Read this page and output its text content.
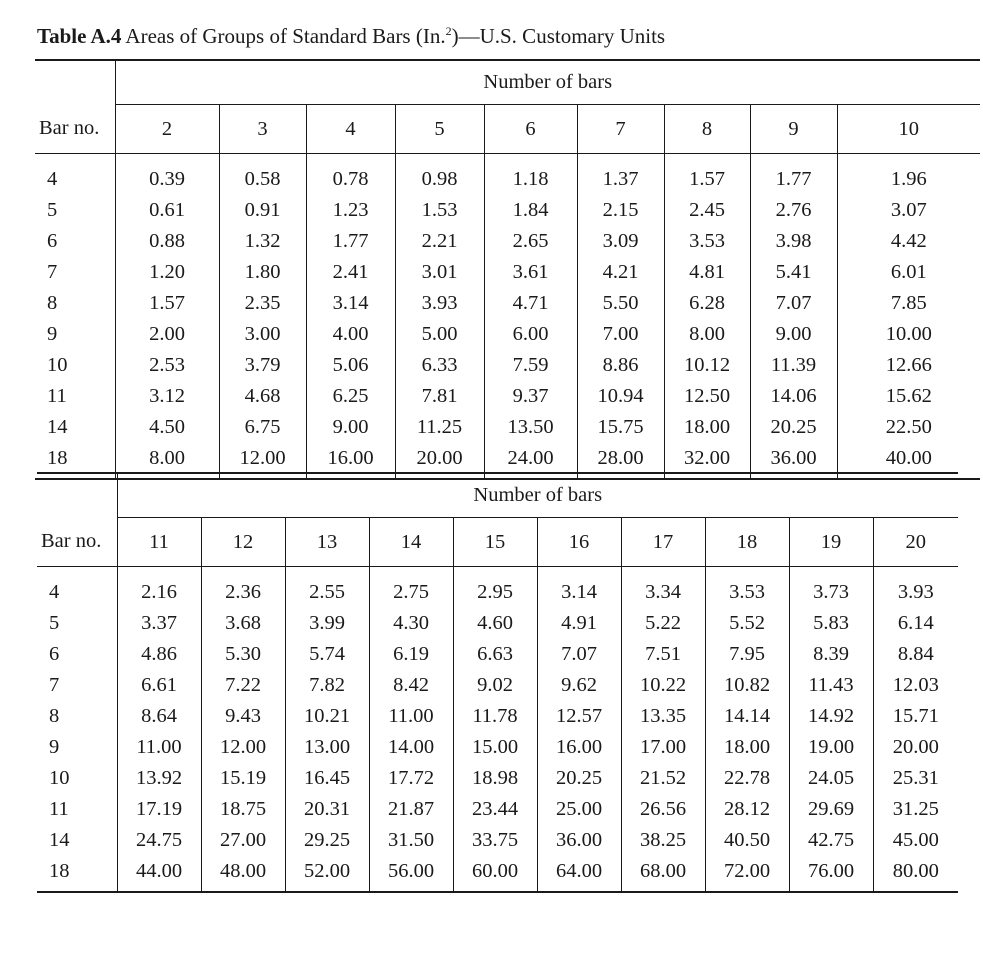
Table A.4 Areas of Groups of Standard Bars (In.$^2$)—U.S. Customary Units
	Number of bars								
Bar no.	2	3	4	5	6	7	8	9	10
4	0.39	0.58	0.78	0.98	1.18	1.37	1.57	1.77	1.96
5	0.61	0.91	1.23	1.53	1.84	2.15	2.45	2.76	3.07
6	0.88	1.32	1.77	2.21	2.65	3.09	3.53	3.98	4.42
7	1.20	1.80	2.41	3.01	3.61	4.21	4.81	5.41	6.01
8	1.57	2.35	3.14	3.93	4.71	5.50	6.28	7.07	7.85
9	2.00	3.00	4.00	5.00	6.00	7.00	8.00	9.00	10.00
10	2.53	3.79	5.06	6.33	7.59	8.86	10.12	11.39	12.66
11	3.12	4.68	6.25	7.81	9.37	10.94	12.50	14.06	15.62
14	4.50	6.75	9.00	11.25	13.50	15.75	18.00	20.25	22.50
18	8.00	12.00	16.00	20.00	24.00	28.00	32.00	36.00	40.00
	Number of bars									
Bar no.	11	12	13	14	15	16	17	18	19	20
4	2.16	2.36	2.55	2.75	2.95	3.14	3.34	3.53	3.73	3.93
5	3.37	3.68	3.99	4.30	4.60	4.91	5.22	5.52	5.83	6.14
6	4.86	5.30	5.74	6.19	6.63	7.07	7.51	7.95	8.39	8.84
7	6.61	7.22	7.82	8.42	9.02	9.62	10.22	10.82	11.43	12.03
8	8.64	9.43	10.21	11.00	11.78	12.57	13.35	14.14	14.92	15.71
9	11.00	12.00	13.00	14.00	15.00	16.00	17.00	18.00	19.00	20.00
10	13.92	15.19	16.45	17.72	18.98	20.25	21.52	22.78	24.05	25.31
11	17.19	18.75	20.31	21.87	23.44	25.00	26.56	28.12	29.69	31.25
14	24.75	27.00	29.25	31.50	33.75	36.00	38.25	40.50	42.75	45.00
18	44.00	48.00	52.00	56.00	60.00	64.00	68.00	72.00	76.00	80.00
